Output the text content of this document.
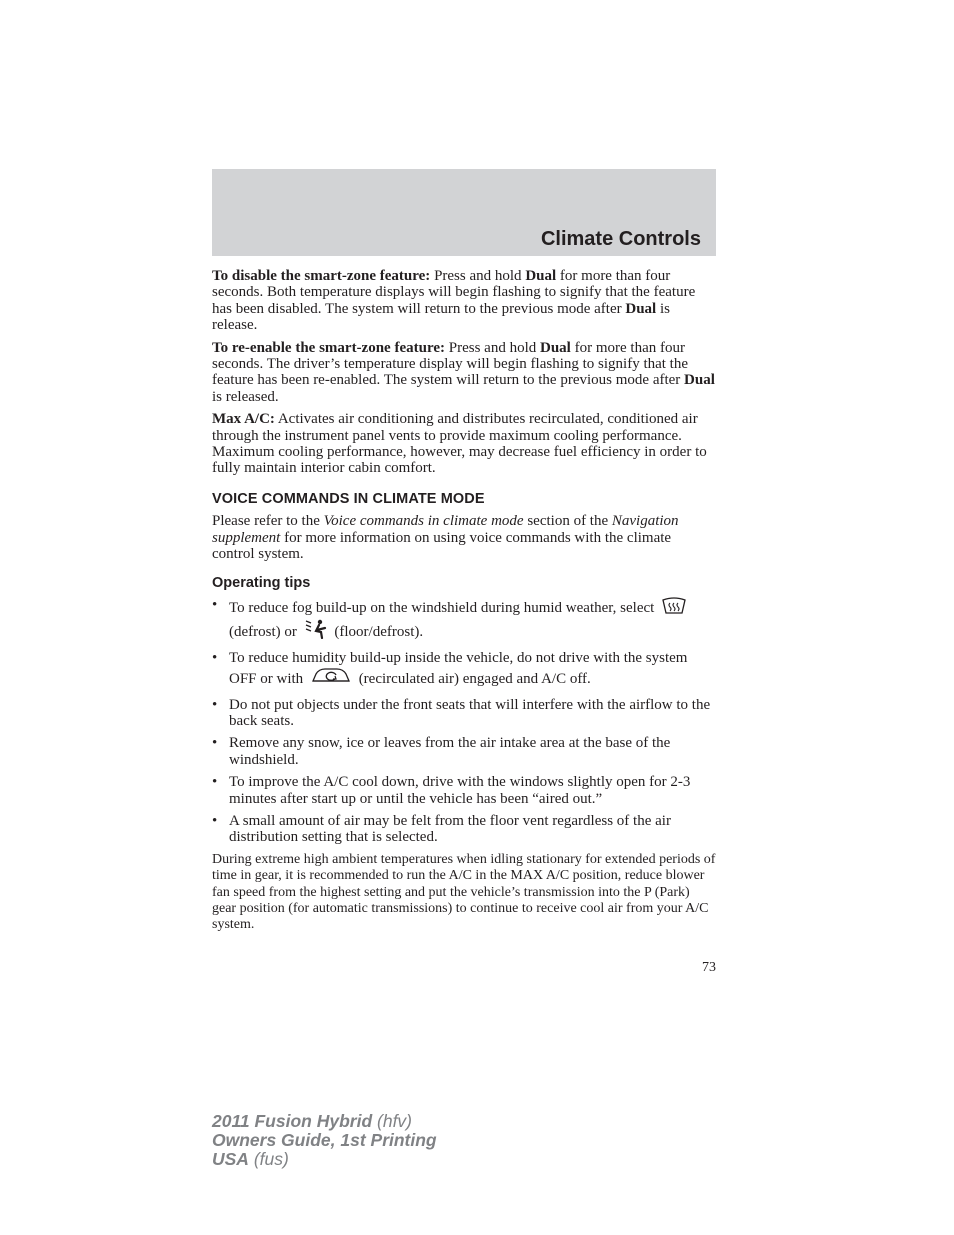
Climate Controls

To disable the smart-zone feature: Press and hold Dual for more than four seconds. Both temperature displays will begin flashing to signify that the feature has been disabled. The system will return to the previous mode after Dual is release.

To re-enable the smart-zone feature: Press and hold Dual for more than four seconds. The driver’s temperature display will begin flashing to signify that the feature has been re-enabled. The system will return to the previous mode after Dual is released.

Max A/C: Activates air conditioning and distributes recirculated, conditioned air through the instrument panel vents to provide maximum cooling performance. Maximum cooling performance, however, may decrease fuel efficiency in order to fully maintain interior cabin comfort.

VOICE COMMANDS IN CLIMATE MODE

Please refer to the Voice commands in climate mode section of the Navigation supplement for more information on using voice commands with the climate control system.

Operating tips
• To reduce fog build-up on the windshield during humid weather, select  (defrost) or  (floor/defrost).
• To reduce humidity build-up inside the vehicle, do not drive with the system OFF or with	(recirculated air) engaged and A/C off.
• Do not put objects under the front seats that will interfere with the airflow to the back seats.
• Remove any snow, ice or leaves from the air intake area at the base of the windshield.
• To improve the A/C cool down, drive with the windows slightly open for 2-3 minutes after start up or until the vehicle has been “aired out.”
• A small amount of air may be felt from the floor vent regardless of the air distribution setting that is selected.

During extreme high ambient temperatures when idling stationary for extended periods of time in gear, it is recommended to run the A/C in the MAX A/C position, reduce blower fan speed from the highest setting and put the vehicle’s transmission into the P (Park) gear position (for automatic transmissions) to continue to receive cool air from your A/C system.

73
2011 Fusion Hybrid (hfv)
Owners Guide, 1st Printing
USA (fus)
